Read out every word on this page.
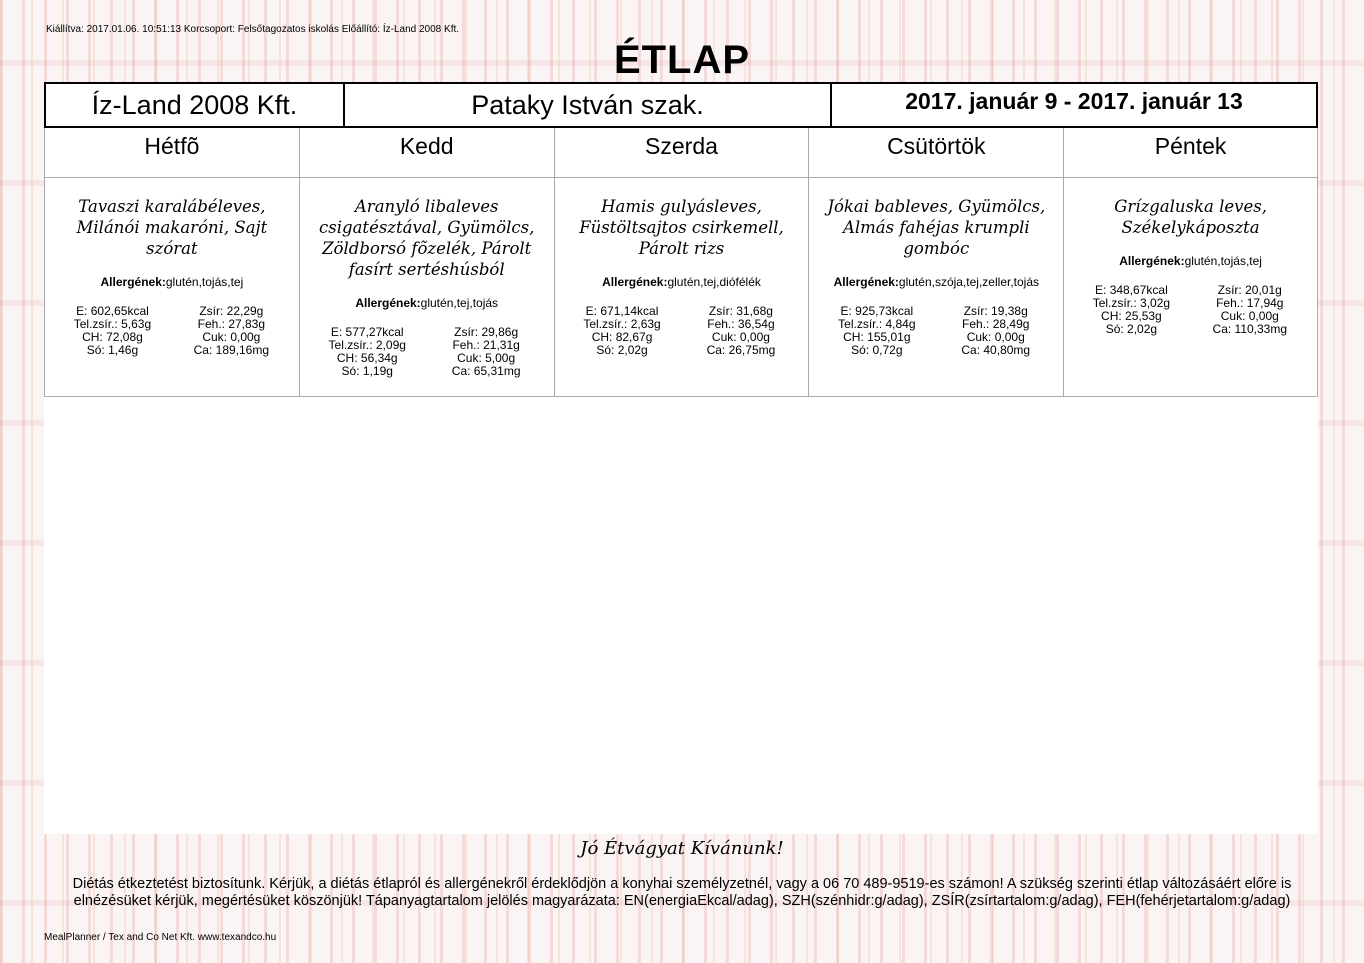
Kiállítva: 2017.01.06. 10:51:13 Korcsoport: Felsőtagozatos iskolás Előállító: Íz-Land 2008 Kft.
ÉTLAP
Íz-Land 2008 Kft.	Pataky István szak.	2017. január 9 - 2017. január 13
Hétfõ	Kedd	Szerda	Csütörtök	Péntek
Tavaszi karalábéleves, Milánói makaróni, Sajt szórat
Allergének:glutén,tojás,tej
E: 602,65kcal	Zsír: 22,29g
Tel.zsír.: 5,63g	Feh.: 27,83g
CH: 72,08g	Cuk: 0,00g
Só: 1,46g	Ca: 189,16mg
Aranyló libaleves csigatésztával, Gyümölcs, Zöldborsó fõzelék, Párolt fasírt sertéshúsból
Allergének:glutén,tej,tojás
E: 577,27kcal	Zsír: 29,86g
Tel.zsír.: 2,09g	Feh.: 21,31g
CH: 56,34g	Cuk: 5,00g
Só: 1,19g	Ca: 65,31mg
Hamis gulyásleves, Füstöltsajtos csirkemell, Párolt rizs
Allergének:glutén,tej,diófélék
E: 671,14kcal	Zsír: 31,68g
Tel.zsír.: 2,63g	Feh.: 36,54g
CH: 82,67g	Cuk: 0,00g
Só: 2,02g	Ca: 26,75mg
Jókai bableves, Gyümölcs, Almás fahéjas krumpli gombóc
Allergének:glutén,szója,tej,zeller,tojás
E: 925,73kcal	Zsír: 19,38g
Tel.zsír.: 4,84g	Feh.: 28,49g
CH: 155,01g	Cuk: 0,00g
Só: 0,72g	Ca: 40,80mg
Grízgaluska leves, Székelykáposzta
Allergének:glutén,tojás,tej
E: 348,67kcal	Zsír: 20,01g
Tel.zsír.: 3,02g	Feh.: 17,94g
CH: 25,53g	Cuk: 0,00g
Só: 2,02g	Ca: 110,33mg
Jó Étvágyat Kívánunk!
Diétás étkeztetést biztosítunk. Kérjük, a diétás étlapról és allergénekről érdeklődjön a konyhai személyzetnél, vagy a 06 70 489-9519-es számon! A szükség szerinti étlap változásáért előre is elnézésüket kérjük, megértésüket köszönjük! Tápanyagtartalom jelölés magyarázata: EN(energiaEkcal/adag), SZH(szénhidr:g/adag), ZSÍR(zsírtartalom:g/adag), FEH(fehérjetartalom:g/adag)
MealPlanner / Tex and Co Net Kft. www.texandco.hu
